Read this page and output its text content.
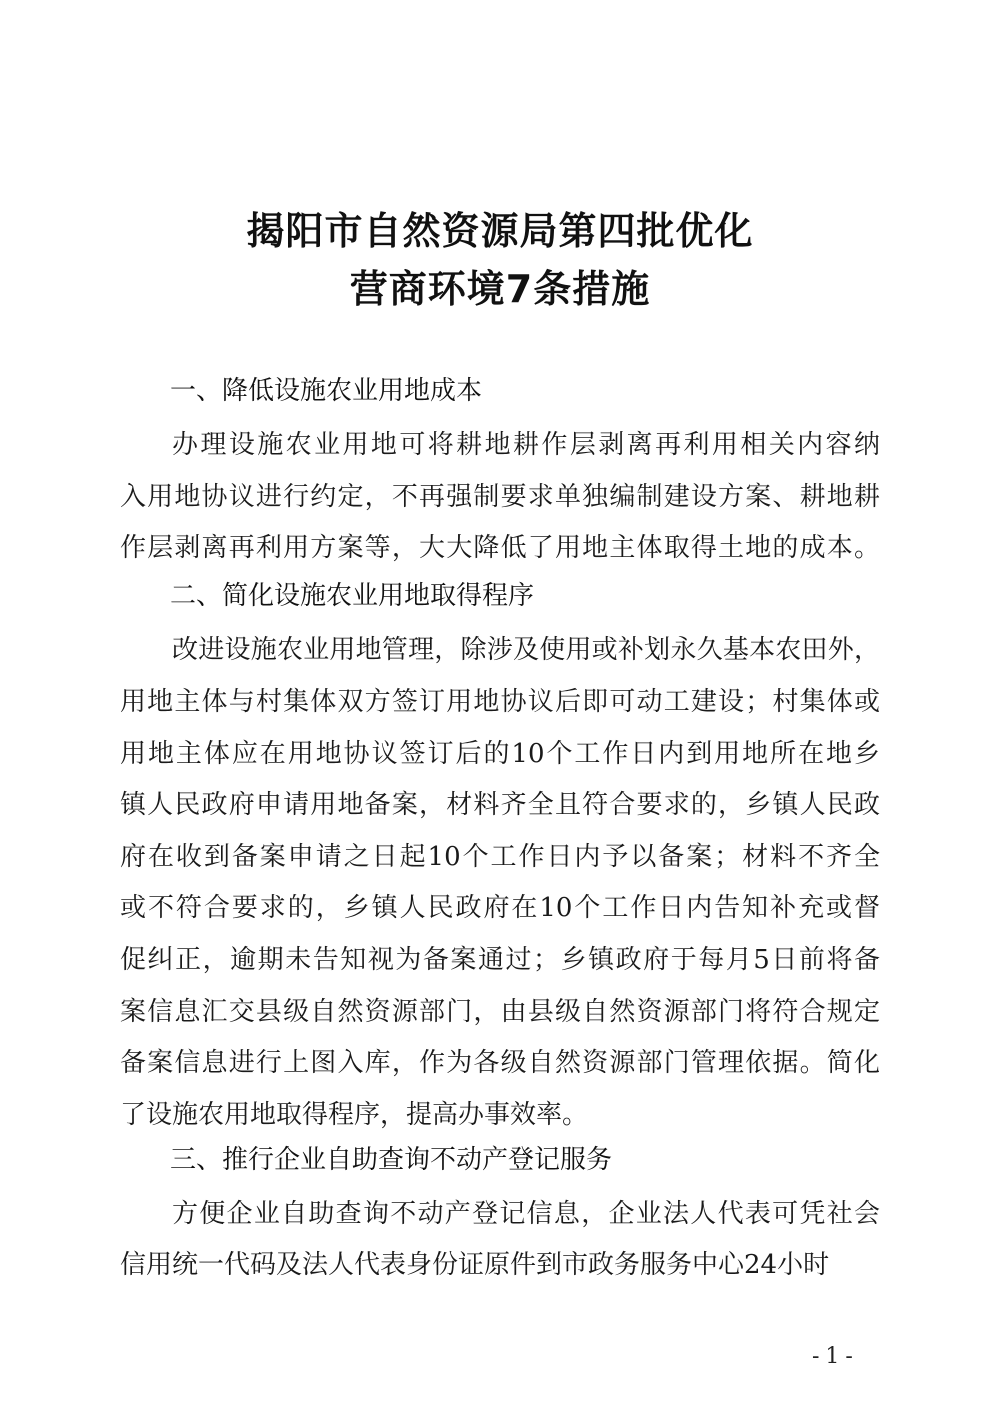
揭阳市自然资源局第四批优化
营商环境7条措施
一、降低设施农业用地成本
办理设施农业用地可将耕地耕作层剥离再利用相关内容纳
入用地协议进行约定，不再强制要求单独编制建设方案、耕地耕
作层剥离再利用方案等，大大降低了用地主体取得土地的成本。
二、简化设施农业用地取得程序
改进设施农业用地管理，除涉及使用或补划永久基本农田外，
用地主体与村集体双方签订用地协议后即可动工建设；村集体或
用地主体应在用地协议签订后的10个工作日内到用地所在地乡
镇人民政府申请用地备案，材料齐全且符合要求的，乡镇人民政
府在收到备案申请之日起10个工作日内予以备案；材料不齐全
或不符合要求的，乡镇人民政府在10个工作日内告知补充或督
促纠正，逾期未告知视为备案通过；乡镇政府于每月5日前将备
案信息汇交县级自然资源部门，由县级自然资源部门将符合规定
备案信息进行上图入库，作为各级自然资源部门管理依据。简化
了设施农用地取得程序，提高办事效率。
三、推行企业自助查询不动产登记服务
方便企业自助查询不动产登记信息，企业法人代表可凭社会
信用统一代码及法人代表身份证原件到市政务服务中心24小时
-1-
